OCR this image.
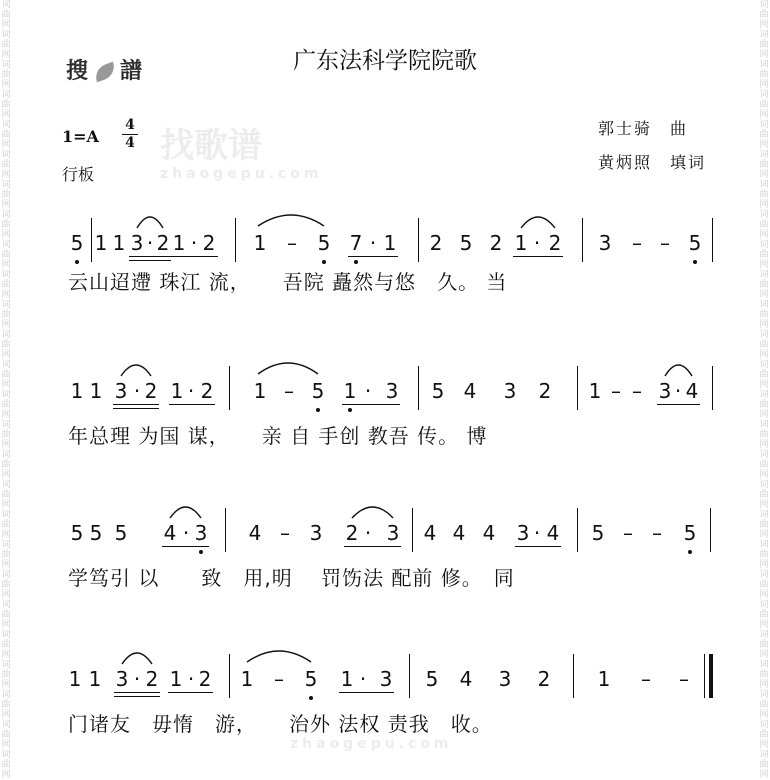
词
曲
网
词
曲
网
词
曲
网
词
曲
网
词
曲
网
词
曲
网
词
曲
网
词
曲
网
词
曲
网
词
曲
网
词
曲
网
词
曲
网
词
曲
网
词
曲
网
词
曲
网
词
曲
网
词
曲
网
词
曲
网
词
曲
网
词
曲
网
词
曲
网
词
曲
网
词
曲
网
词
曲
网
词
曲
网
词
曲
网
词
曲
网
词
曲
网
词
曲
网
词
曲
网
词
曲
网
词
曲
网
词
曲
网
词
曲
网
词
曲
网
词
曲
网
词
曲
网
词
曲
网
词
曲
网
词
曲
网
词
曲
网
词
曲
网
词
曲
网
词
曲
网
词
曲
网
词
曲
网
词
曲
网
词
曲
网
词
曲
网
词
曲
网
词
曲
网
词
曲
网
搜 譜	广东法科学院院歌
找歌谱
zhaogepu.com
zhaogepu.com
1=A
4
4
行板
郭士骑　曲
黄炳照　填词
5 1 1 3 · 2 1 · 2 1 – 5 7 · 1 2 5 2 1 · 2 3 – – 5
1 1 3 · 2 1 · 2 1 – 5 1 · 3 5 4 3 2 1 – – 3 · 4
5 5 5 4 · 3 4 – 3 2 · 3 4 4 4 3 · 4 5 – – 5
1 1 3 · 2 1 · 2 1 – 5 1 · 3 5 4 3 2 1 – –
云山迢遰 珠江 流，　　吾院 矗然与悠　久。 当
年总理 为国 谋，　　亲 自 手创 教吾 传。 博
学笃引 以　　致　用,明　 罚饬法 配前 修。　同
门诸友　毋惰　游，　　治外 法权 责我　收。
